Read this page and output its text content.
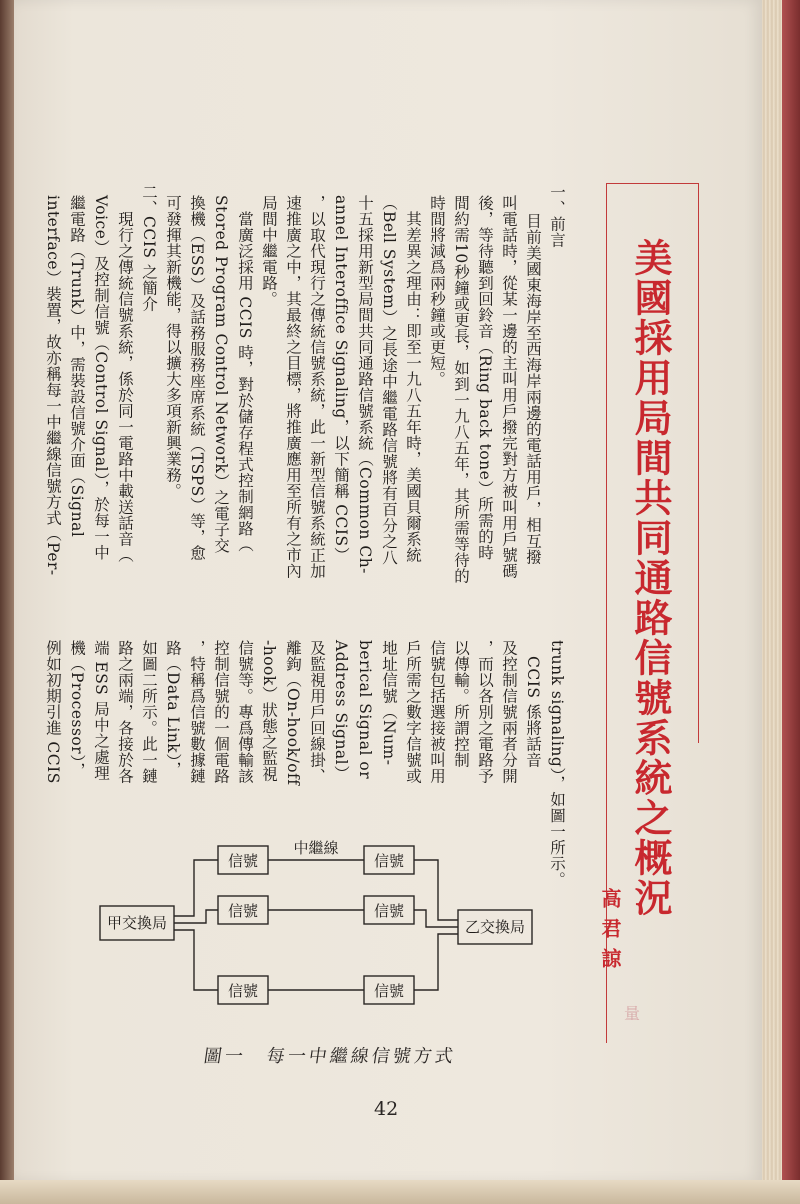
一、前言
目前美國東海岸至西海岸兩邊的電話用戶，相互撥
叫電話時，從某一邊的主叫用戶撥完對方被叫用戶號碼
後，等待聽到回鈴音（Ring back tone）所需的時
間約需10秒鐘或更長，如到一九八五年，其所需等待的
時間將減爲兩秒鐘或更短。
　其差異之理由：即至一九八五年時，美國貝爾系統
（Bell System）之長途中繼電路信號將有百分之八
十五採用新型局間共同通路信號系統（Common Ch-
annel Interoffice Signaling，以下簡稱 CCIS）
，以取代現行之傳統信號系統，此一新型信號系統正加
速推廣之中，其最終之目標，將推廣應用至所有之市內
局間中繼電路。
　當廣泛採用 CCIS 時，對於儲存程式控制網路（
Stored Program Control Network）之電子交
換機（ESS）及話務服務座席系統（TSPS）等，愈
可發揮其新機能，得以擴大多項新興業務。
二、CCIS 之簡介
　現行之傳統信號系統，係於同一電路中載送話音（
Voice）及控制信號（Control Signal），於每一中
繼電路（Trunk）中，需裝設信號介面（Signal
interface）裝置，故亦稱每一中繼線信號方式（Per-
trunk signaling），如圖一所示。
　CCIS 係將話音
及控制信號兩者分開
，而以各別之電路予
以傳輸。所謂控制
信號包括選接被叫用
戶所需之數字信號或
地址信號（Num-
berical Signal or
Address Signal）
及監視用戶回線掛、
離鉤（On-hook/off
-hook）狀態之監視
信號等。專爲傳輸該
控制信號的一個電路
，特稱爲信號數據鏈
路（Data Link），
如圖二所示。此一鏈
路之兩端，各接於各
端 ESS 局中之處理
機（Processor），
例如初期引進 CCIS	美國採用局間共同通路信號系統之概況
高君諒
量
甲交換局	乙交換局
信號
信號
信號
信號
信號
信號
中繼線
圖一　每一中繼線信號方式
42
